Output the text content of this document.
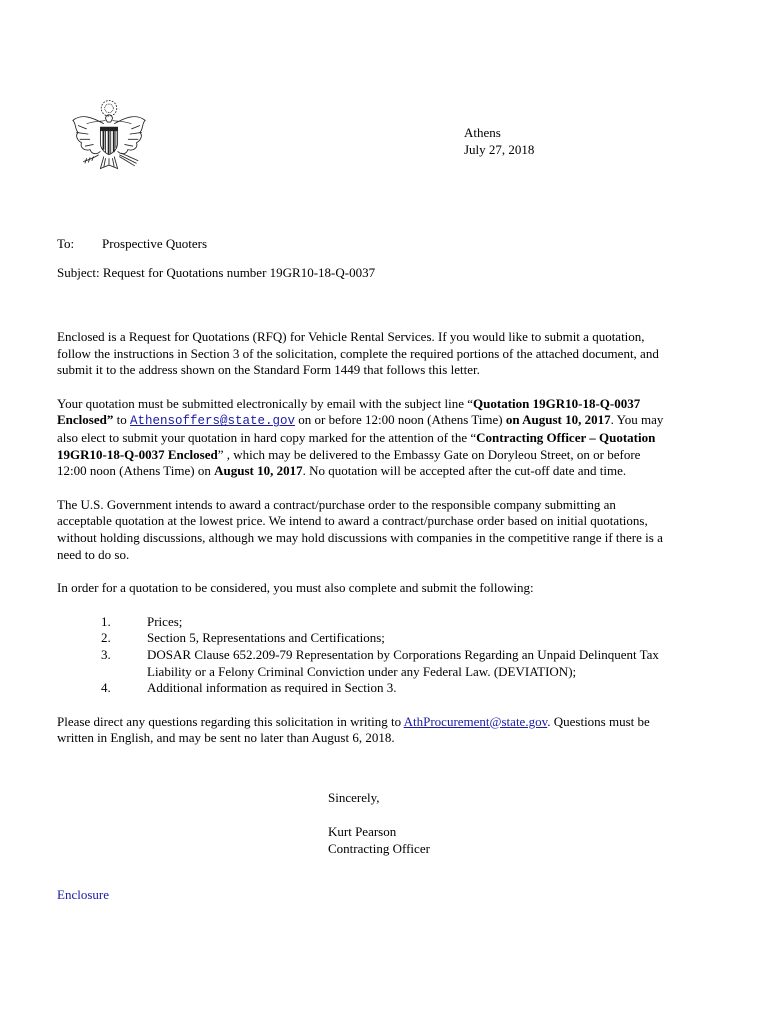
Athens
July 27, 2018
To: Prospective Quoters
Subject: Request for Quotations number 19GR10-18-Q-0037

Enclosed is a Request for Quotations (RFQ) for Vehicle Rental Services. If you would like to submit a quotation, follow the instructions in Section 3 of the solicitation, complete the required portions of the attached document, and submit it to the address shown on the Standard Form 1449 that follows this letter.

Your quotation must be submitted electronically by email with the subject line “Quotation 19GR10-18-Q-0037 Enclosed” to Athensoffers@state.gov on or before 12:00 noon (Athens Time) on August 10, 2017. You may also elect to submit your quotation in hard copy marked for the attention of the “Contracting Officer – Quotation 19GR10-18-Q-0037 Enclosed” , which may be delivered to the Embassy Gate on Doryleou Street, on or before 12:00 noon (Athens Time) on August 10, 2017. No quotation will be accepted after the cut-off date and time.

The U.S. Government intends to award a contract/purchase order to the responsible company submitting an acceptable quotation at the lowest price. We intend to award a contract/purchase order based on initial quotations, without holding discussions, although we may hold discussions with companies in the competitive range if there is a need to do so.

In order for a quotation to be considered, you must also complete and submit the following:

1.	Prices;
2.	Section 5, Representations and Certifications;
3.	DOSAR Clause 652.209-79 Representation by Corporations Regarding an Unpaid Delinquent Tax Liability or a Felony Criminal Conviction under any Federal Law. (DEVIATION);
4.	Additional information as required in Section 3.

Please direct any questions regarding this solicitation in writing to AthProcurement@state.gov. Questions must be written in English, and may be sent no later than August 6, 2018.

Sincerely,
Kurt Pearson
Contracting Officer
Enclosure
